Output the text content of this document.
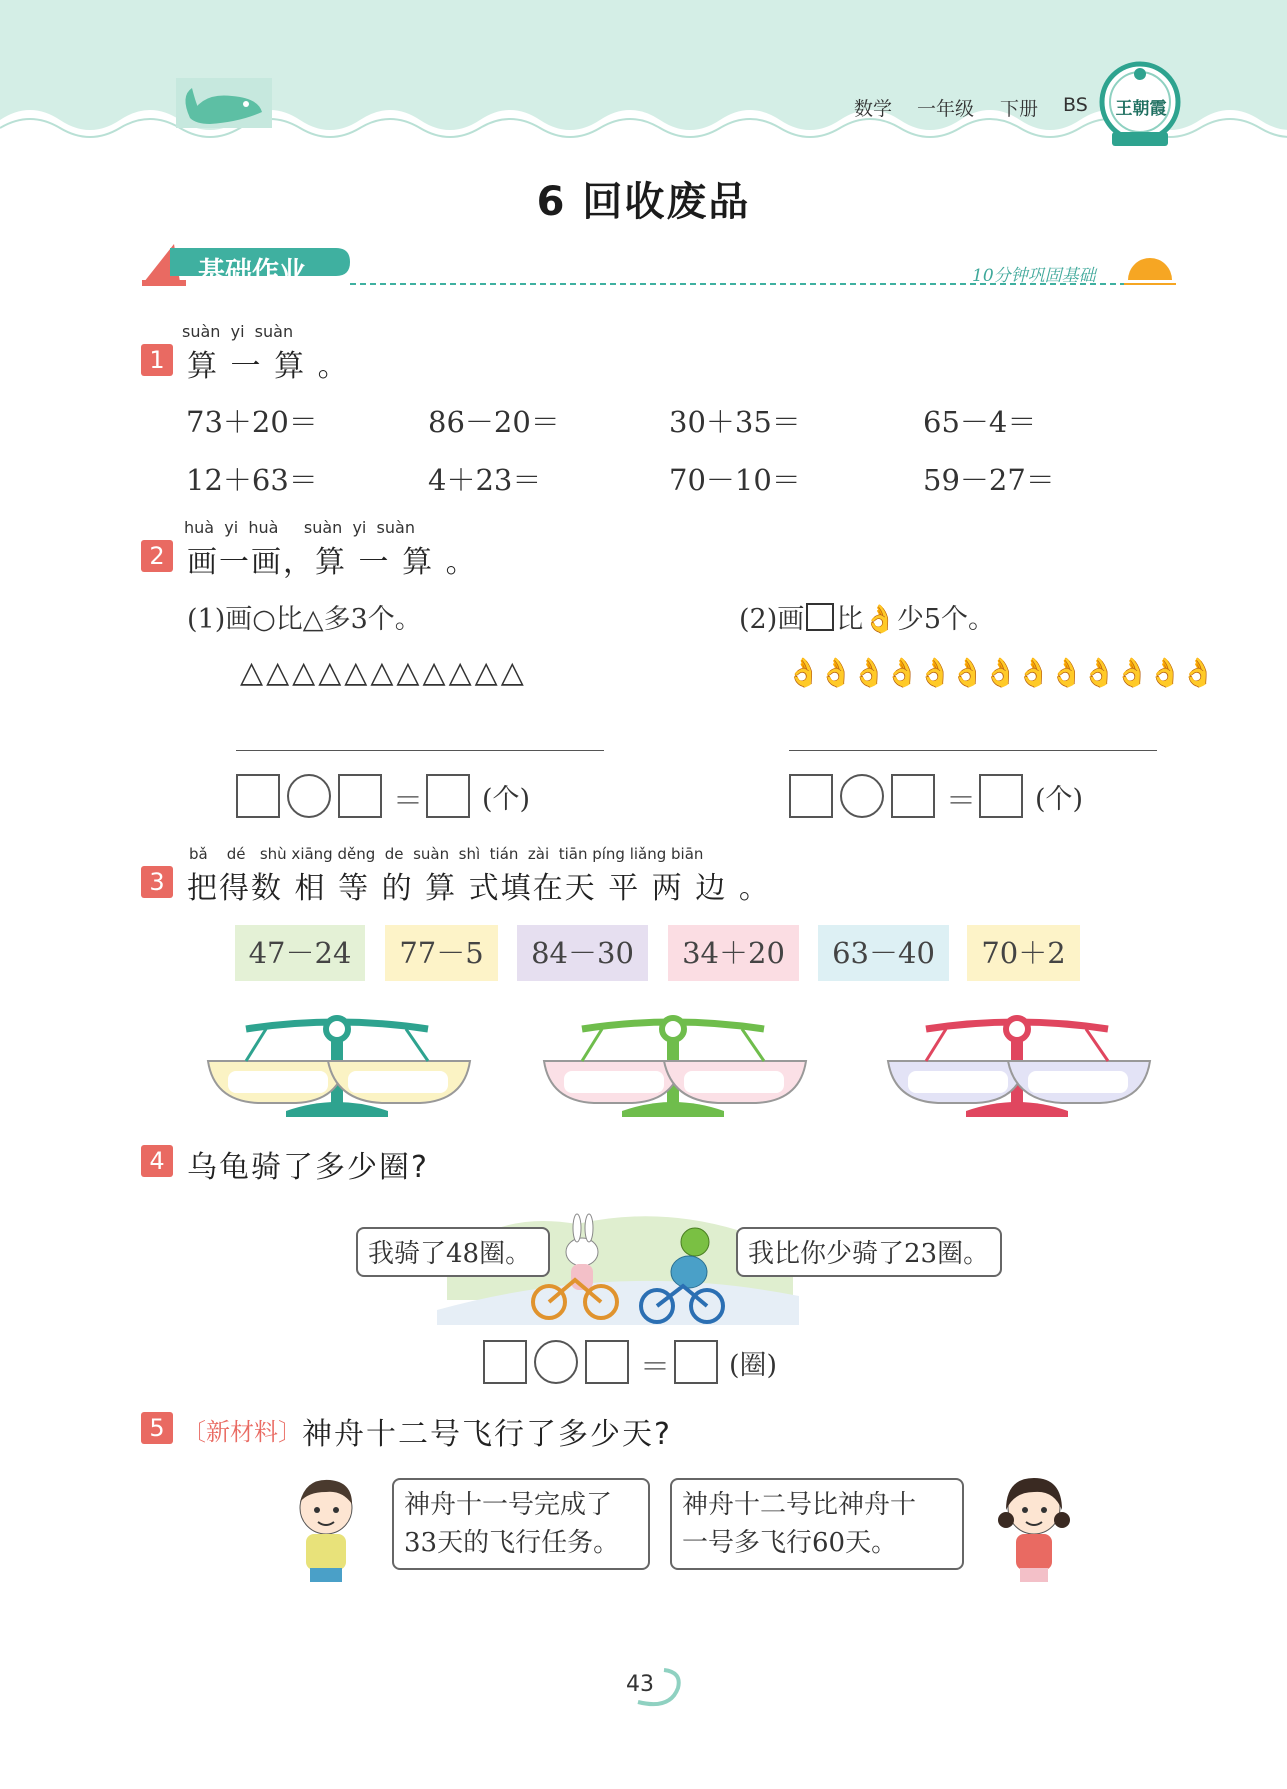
数学 一年级 下册 BS 王朝霞
6 回收废品
基础作业	10分钟巩固基础
suàn  yi  suàn
1 算 一 算 。
73＋20＝	86－20＝	30＋35＝	65－4＝
12＋63＝	4＋23＝	70－10＝	59－27＝
huà  yi  huà     suàn  yi  suàn
2 画一画，算 一 算 。
(1)画○比△多3个。
△△△△△△△△△△△
＝ (个)
(2)画 比👌少5个。
👌👌👌👌👌👌👌👌👌👌👌👌👌
＝ (个)
bǎ    dé   shù xiāng děng  de  suàn  shì  tián  zài  tiān píng liǎng biān
3 把得数 相 等 的 算 式填在天 平 两 边 。
47－24	77－5	84－30	34＋20	63－40	70＋2
4 乌龟骑了多少圈?
我骑了48圈。	我比你少骑了23圈。
＝ (圈)
5 〔新材料〕 神舟十二号飞行了多少天?
神舟十一号完成了
33天的飞行任务。
神舟十二号比神舟十
一号多飞行60天。
43
